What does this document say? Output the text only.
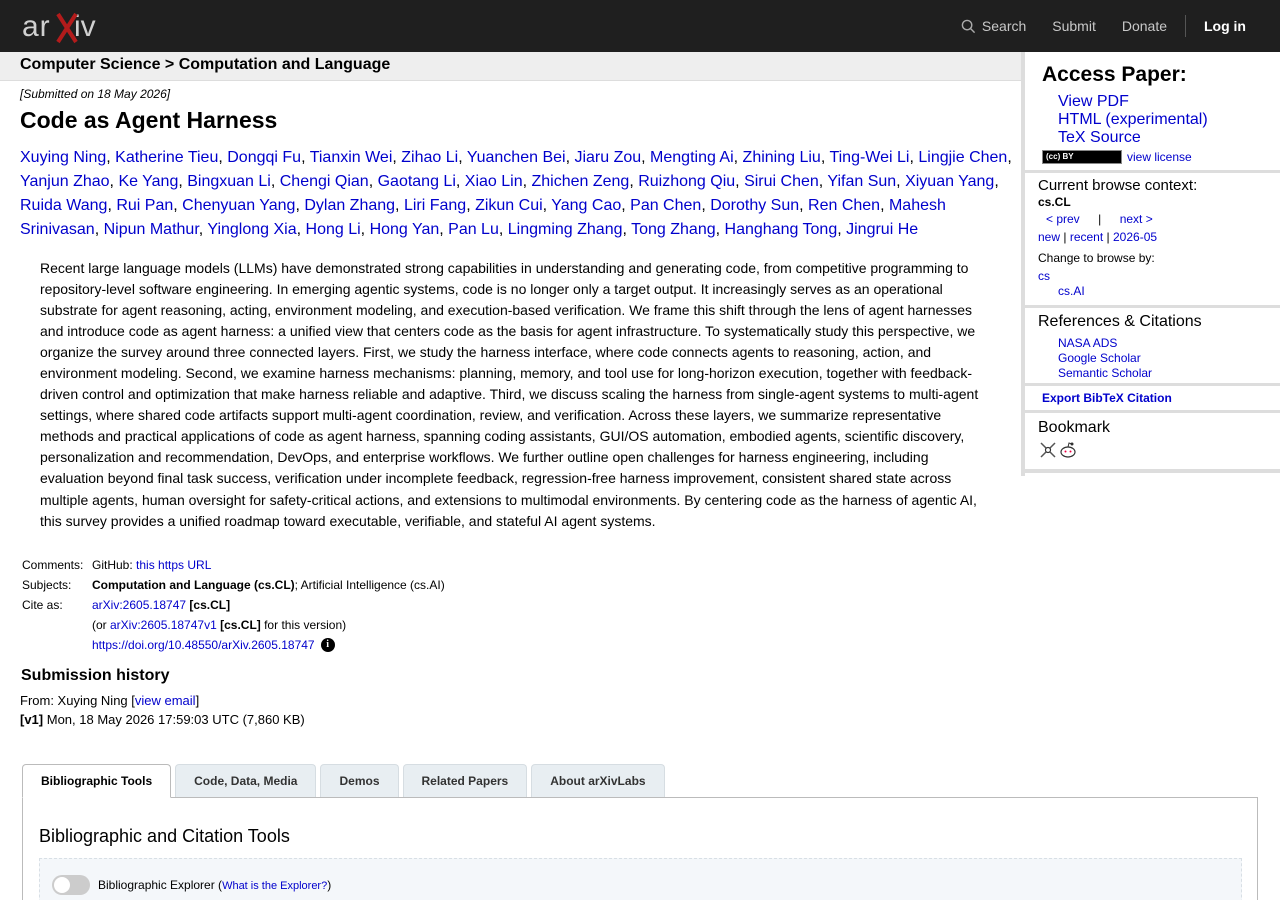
ar iv	Search Submit Donate	Log in
Computer Science > Computation and Language
[Submitted on 18 May 2026]
Code as Agent Harness
Xuying Ning, Katherine Tieu, Dongqi Fu, Tianxin Wei, Zihao Li, Yuanchen Bei, Jiaru Zou, Mengting Ai, Zhining Liu, Ting-Wei Li, Lingjie Chen, Yanjun Zhao, Ke Yang, Bingxuan Li, Chengi Qian, Gaotang Li, Xiao Lin, Zhichen Zeng, Ruizhong Qiu, Sirui Chen, Yifan Sun, Xiyuan Yang, Ruida Wang, Rui Pan, Chenyuan Yang, Dylan Zhang, Liri Fang, Zikun Cui, Yang Cao, Pan Chen, Dorothy Sun, Ren Chen, Mahesh Srinivasan, Nipun Mathur, Yinglong Xia, Hong Li, Hong Yan, Pan Lu, Lingming Zhang, Tong Zhang, Hanghang Tong, Jingrui He
Recent large language models (LLMs) have demonstrated strong capabilities in understanding and generating code, from competitive programming to repository-level software engineering. In emerging agentic systems, code is no longer only a target output. It increasingly serves as an operational substrate for agent reasoning, acting, environment modeling, and execution-based verification. We frame this shift through the lens of agent harnesses and introduce code as agent harness: a unified view that centers code as the basis for agent infrastructure. To systematically study this perspective, we organize the survey around three connected layers. First, we study the harness interface, where code connects agents to reasoning, action, and environment modeling. Second, we examine harness mechanisms: planning, memory, and tool use for long-horizon execution, together with feedback-driven control and optimization that make harness reliable and adaptive. Third, we discuss scaling the harness from single-agent systems to multi-agent settings, where shared code artifacts support multi-agent coordination, review, and verification. Across these layers, we summarize representative methods and practical applications of code as agent harness, spanning coding assistants, GUI/OS automation, embodied agents, scientific discovery, personalization and recommendation, DevOps, and enterprise workflows. We further outline open challenges for harness engineering, including evaluation beyond final task success, verification under incomplete feedback, regression-free harness improvement, consistent shared state across multiple agents, human oversight for safety-critical actions, and extensions to multimodal environments. By centering code as the harness of agentic AI, this survey provides a unified roadmap toward executable, verifiable, and stateful AI agent systems.
Comments: GitHub: this https URL
Subjects:	Computation and Language (cs.CL); Artificial Intelligence (cs.AI)
Cite as:	arXiv:2605.18747 [cs.CL]
(or arXiv:2605.18747v1 [cs.CL] for this version)
https://doi.org/10.48550/arXiv.2605.18747 i
Submission history
From: Xuying Ning [view email]
[v1] Mon, 18 May 2026 17:59:03 UTC (7,860 KB)
Bibliographic Tools	Code, Data, Media	Demos	Related Papers	About arXivLabs
Bibliographic and Citation Tools
Bibliographic Explorer (What is the Explorer?)
Access Paper:
View PDF
HTML (experimental)
TeX Source
(cc) BY	view license
Current browse context:
cs.CL
< prev | next >
new | recent | 2026-05
Change to browse by:
cs
cs.AI
References & Citations
NASA ADS
Google Scholar
Semantic Scholar
Export BibTeX Citation
Bookmark
